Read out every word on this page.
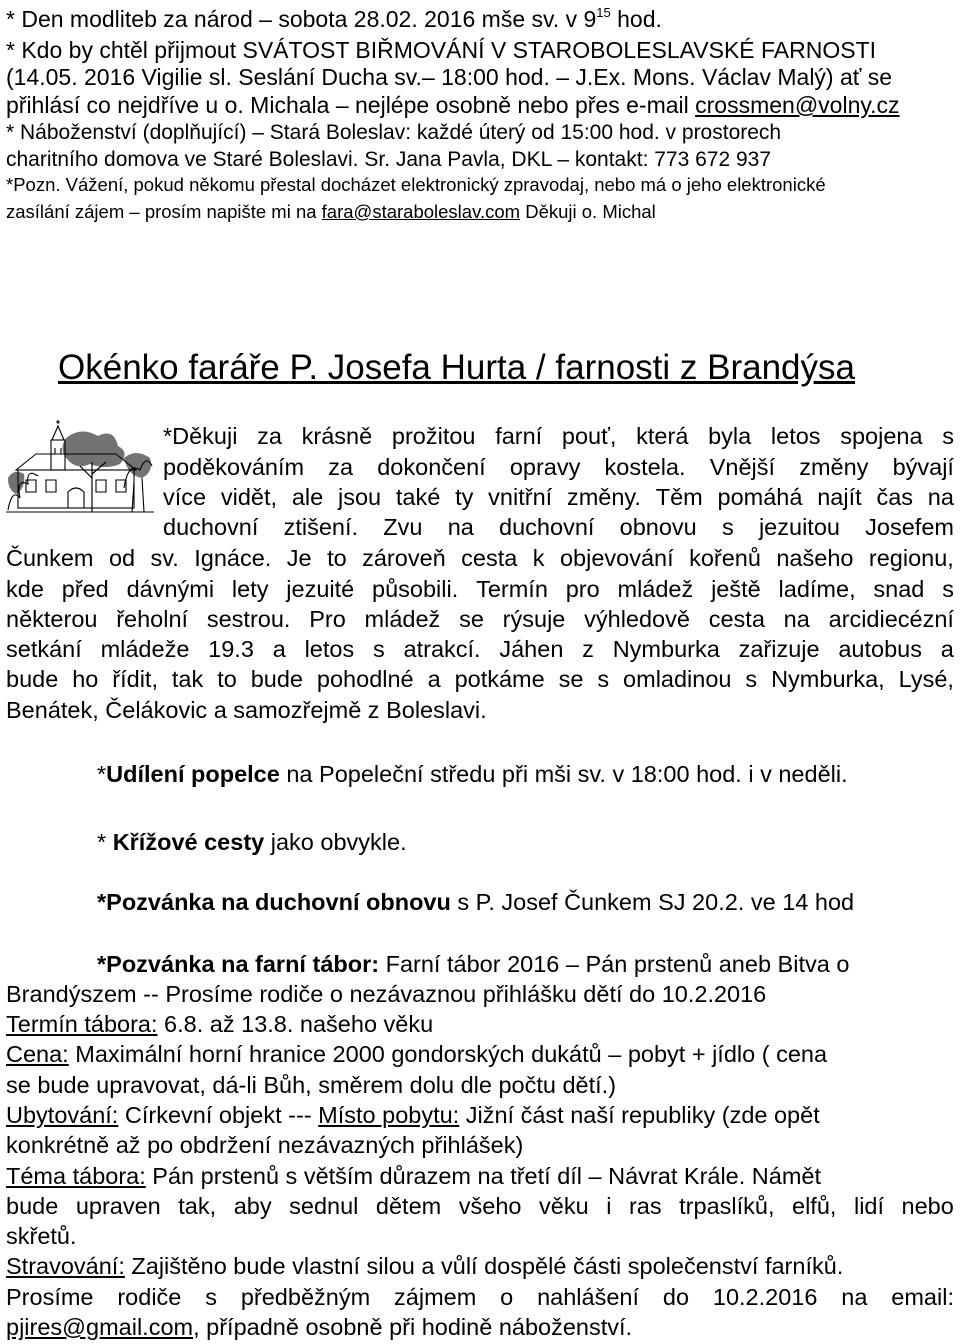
* Den modliteb za národ – sobota 28.02. 2016 mše sv. v $9^{15}$ hod.
* Kdo by chtěl přijmout SVÁTOST BIŘMOVÁNÍ V STAROBOLESLAVSKÉ FARNOSTI
(14.05. 2016 Vigilie sl. Seslání Ducha sv.– 18:00 hod. – J.Ex. Mons. Václav Malý) ať se
přihlásí co nejdříve u o. Michala – nejlépe osobně nebo přes e-mail crossmen@volny.cz
* Náboženství (doplňující) – Stará Boleslav: každé úterý od 15:00 hod. v prostorech
charitního domova ve Staré Boleslavi. Sr. Jana Pavla, DKL – kontakt: 773 672 937
*Pozn. Vážení, pokud někomu přestal docházet elektronický zpravodaj, nebo má o jeho elektronické
zasílání zájem – prosím napište mi na fara@staraboleslav.com Děkuji o. Michal
Okénko faráře P. Josefa Hurta / farnosti z Brandýsa
*Děkuji za krásně prožitou farní pouť, která byla letos spojena s
poděkováním za dokončení opravy kostela. Vnější změny bývají
více vidět, ale jsou také ty vnitřní změny. Těm pomáhá najít čas na
duchovní ztišení. Zvu na duchovní obnovu s jezuitou Josefem
Čunkem od sv. Ignáce. Je to zároveň cesta k objevování kořenů našeho regionu,
kde před dávnými lety jezuité působili. Termín pro mládež ještě ladíme, snad s
některou řeholní sestrou. Pro mládež se rýsuje výhledově cesta na arcidiecézní
setkání mládeže 19.3 a letos s atrakcí. Jáhen z Nymburka zařizuje autobus a
bude ho řídit, tak to bude pohodlné a potkáme se s omladinou s Nymburka, Lysé,
Benátek, Čelákovic a samozřejmě z Boleslavi.
*Udílení popelce na Popeleční středu při mši sv. v 18:00 hod. i v neděli.
* Křížové cesty jako obvykle.
*Pozvánka na duchovní obnovu s P. Josef Čunkem SJ 20.2. ve 14 hod
*Pozvánka na farní tábor: Farní tábor 2016 – Pán prstenů aneb Bitva o
Brandýszem -- Prosíme rodiče o nezávaznou přihlášku dětí do 10.2.2016
Termín tábora: 6.8. až 13.8. našeho věku
Cena: Maximální horní hranice 2000 gondorských dukátů – pobyt + jídlo ( cena
se bude upravovat, dá-li Bůh, směrem dolu dle počtu dětí.)
Ubytování: Církevní objekt --- Místo pobytu: Jižní část naší republiky (zde opět
konkrétně až po obdržení nezávazných přihlášek)
Téma tábora: Pán prstenů s větším důrazem na třetí díl – Návrat Krále. Námět
bude upraven tak, aby sednul dětem všeho věku i ras trpaslíků, elfů, lidí nebo
skřetů.
Stravování: Zajištěno bude vlastní silou a vůlí dospělé části společenství farníků.
Prosíme rodiče s předběžným zájmem o nahlášení do 10.2.2016 na email:
pjires@gmail.com, případně osobně při hodině náboženství.
